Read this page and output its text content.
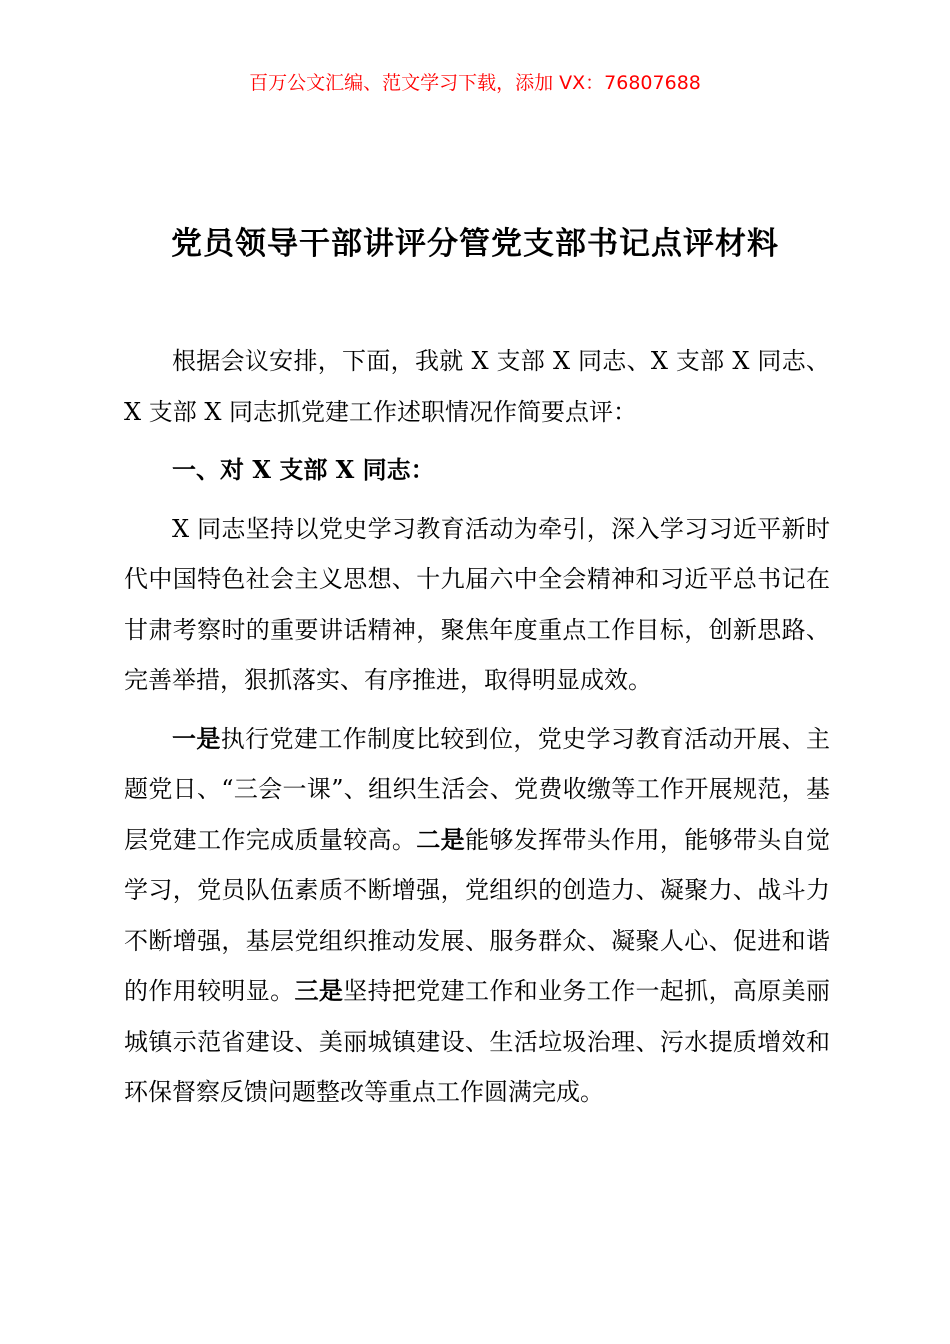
百万公文汇编、范文学习下载，添加 VX：76807688
党员领导干部讲评分管党支部书记点评材料

根据会议安排，下面，我就 X 支部 X 同志、X 支部 X 同志、X 支部 X 同志抓党建工作述职情况作简要点评：

一、对 X 支部 X 同志：

X 同志坚持以党史学习教育活动为牵引，深入学习习近平新时代中国特色社会主义思想、十九届六中全会精神和习近平总书记在甘肃考察时的重要讲话精神，聚焦年度重点工作目标，创新思路、完善举措，狠抓落实、有序推进，取得明显成效。

一是执行党建工作制度比较到位，党史学习教育活动开展、主题党日、“三会一课”、组织生活会、党费收缴等工作开展规范，基层党建工作完成质量较高。二是能够发挥带头作用，能够带头自觉学习，党员队伍素质不断增强，党组织的创造力、凝聚力、战斗力不断增强，基层党组织推动发展、服务群众、凝聚人心、促进和谐的作用较明显。三是坚持把党建工作和业务工作一起抓，高原美丽城镇示范省建设、美丽城镇建设、生活垃圾治理、污水提质增效和环保督察反馈问题整改等重点工作圆满完成。
